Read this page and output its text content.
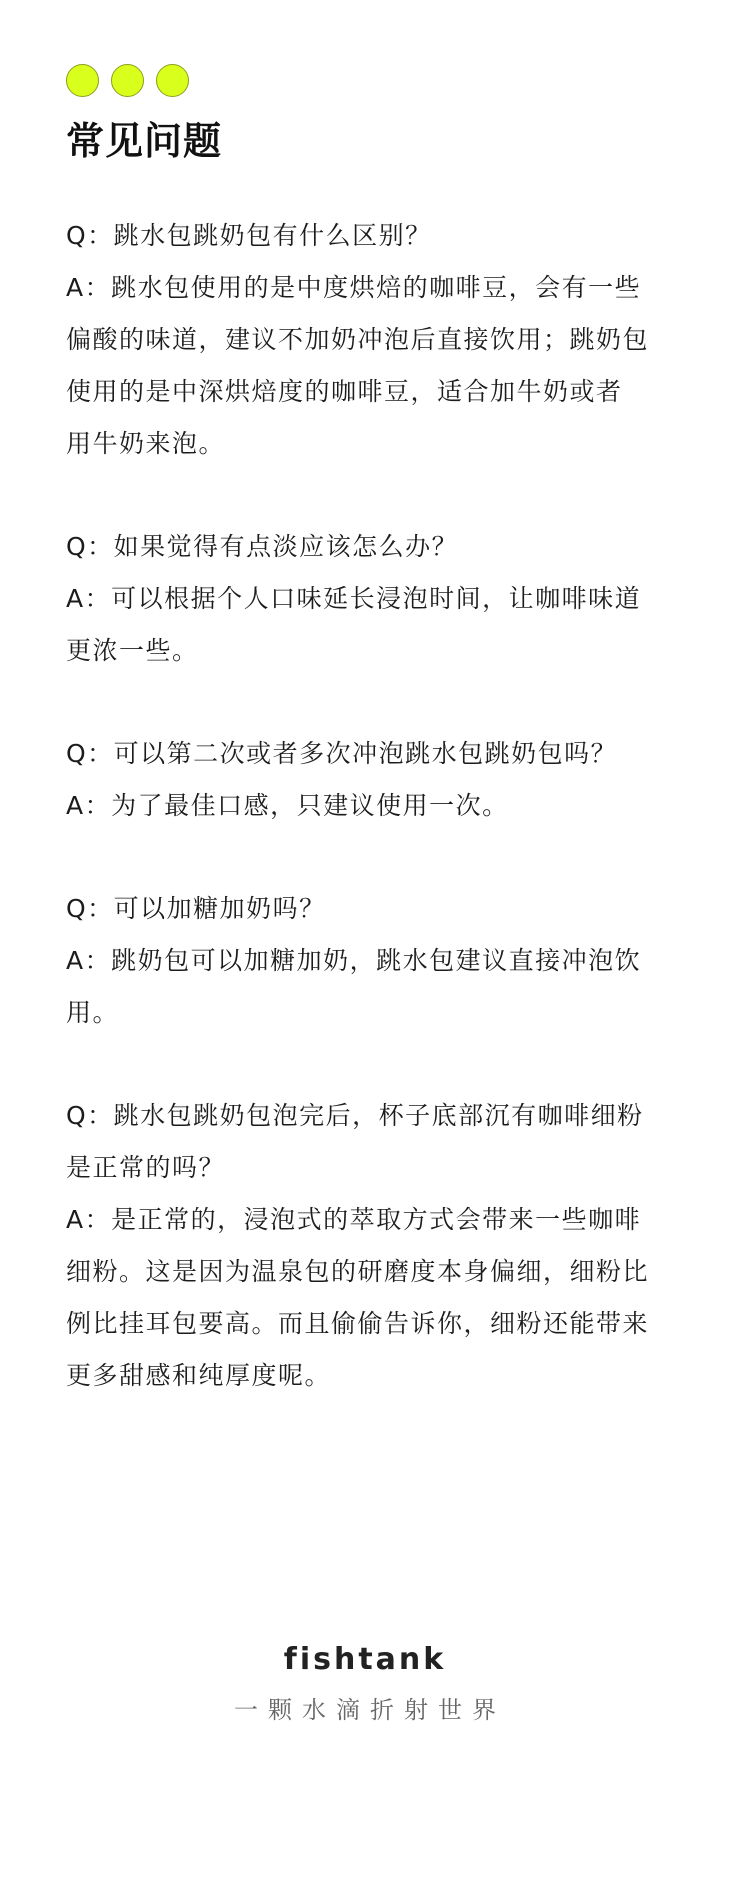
常见问题

Q：跳水包跳奶包有什么区别？

A：跳水包使用的是中度烘焙的咖啡豆，会有一些

偏酸的味道，建议不加奶冲泡后直接饮用；跳奶包

使用的是中深烘焙度的咖啡豆，适合加牛奶或者

用牛奶来泡。

Q：如果觉得有点淡应该怎么办？

A：可以根据个人口味延长浸泡时间，让咖啡味道

更浓一些。

Q：可以第二次或者多次冲泡跳水包跳奶包吗？

A：为了最佳口感，只建议使用一次。

Q：可以加糖加奶吗？

A：跳奶包可以加糖加奶，跳水包建议直接冲泡饮

用。

Q：跳水包跳奶包泡完后，杯子底部沉有咖啡细粉

是正常的吗？

A：是正常的，浸泡式的萃取方式会带来一些咖啡

细粉。这是因为温泉包的研磨度本身偏细，细粉比

例比挂耳包要高。而且偷偷告诉你，细粉还能带来

更多甜感和纯厚度呢。

fishtank
一颗水滴折射世界
